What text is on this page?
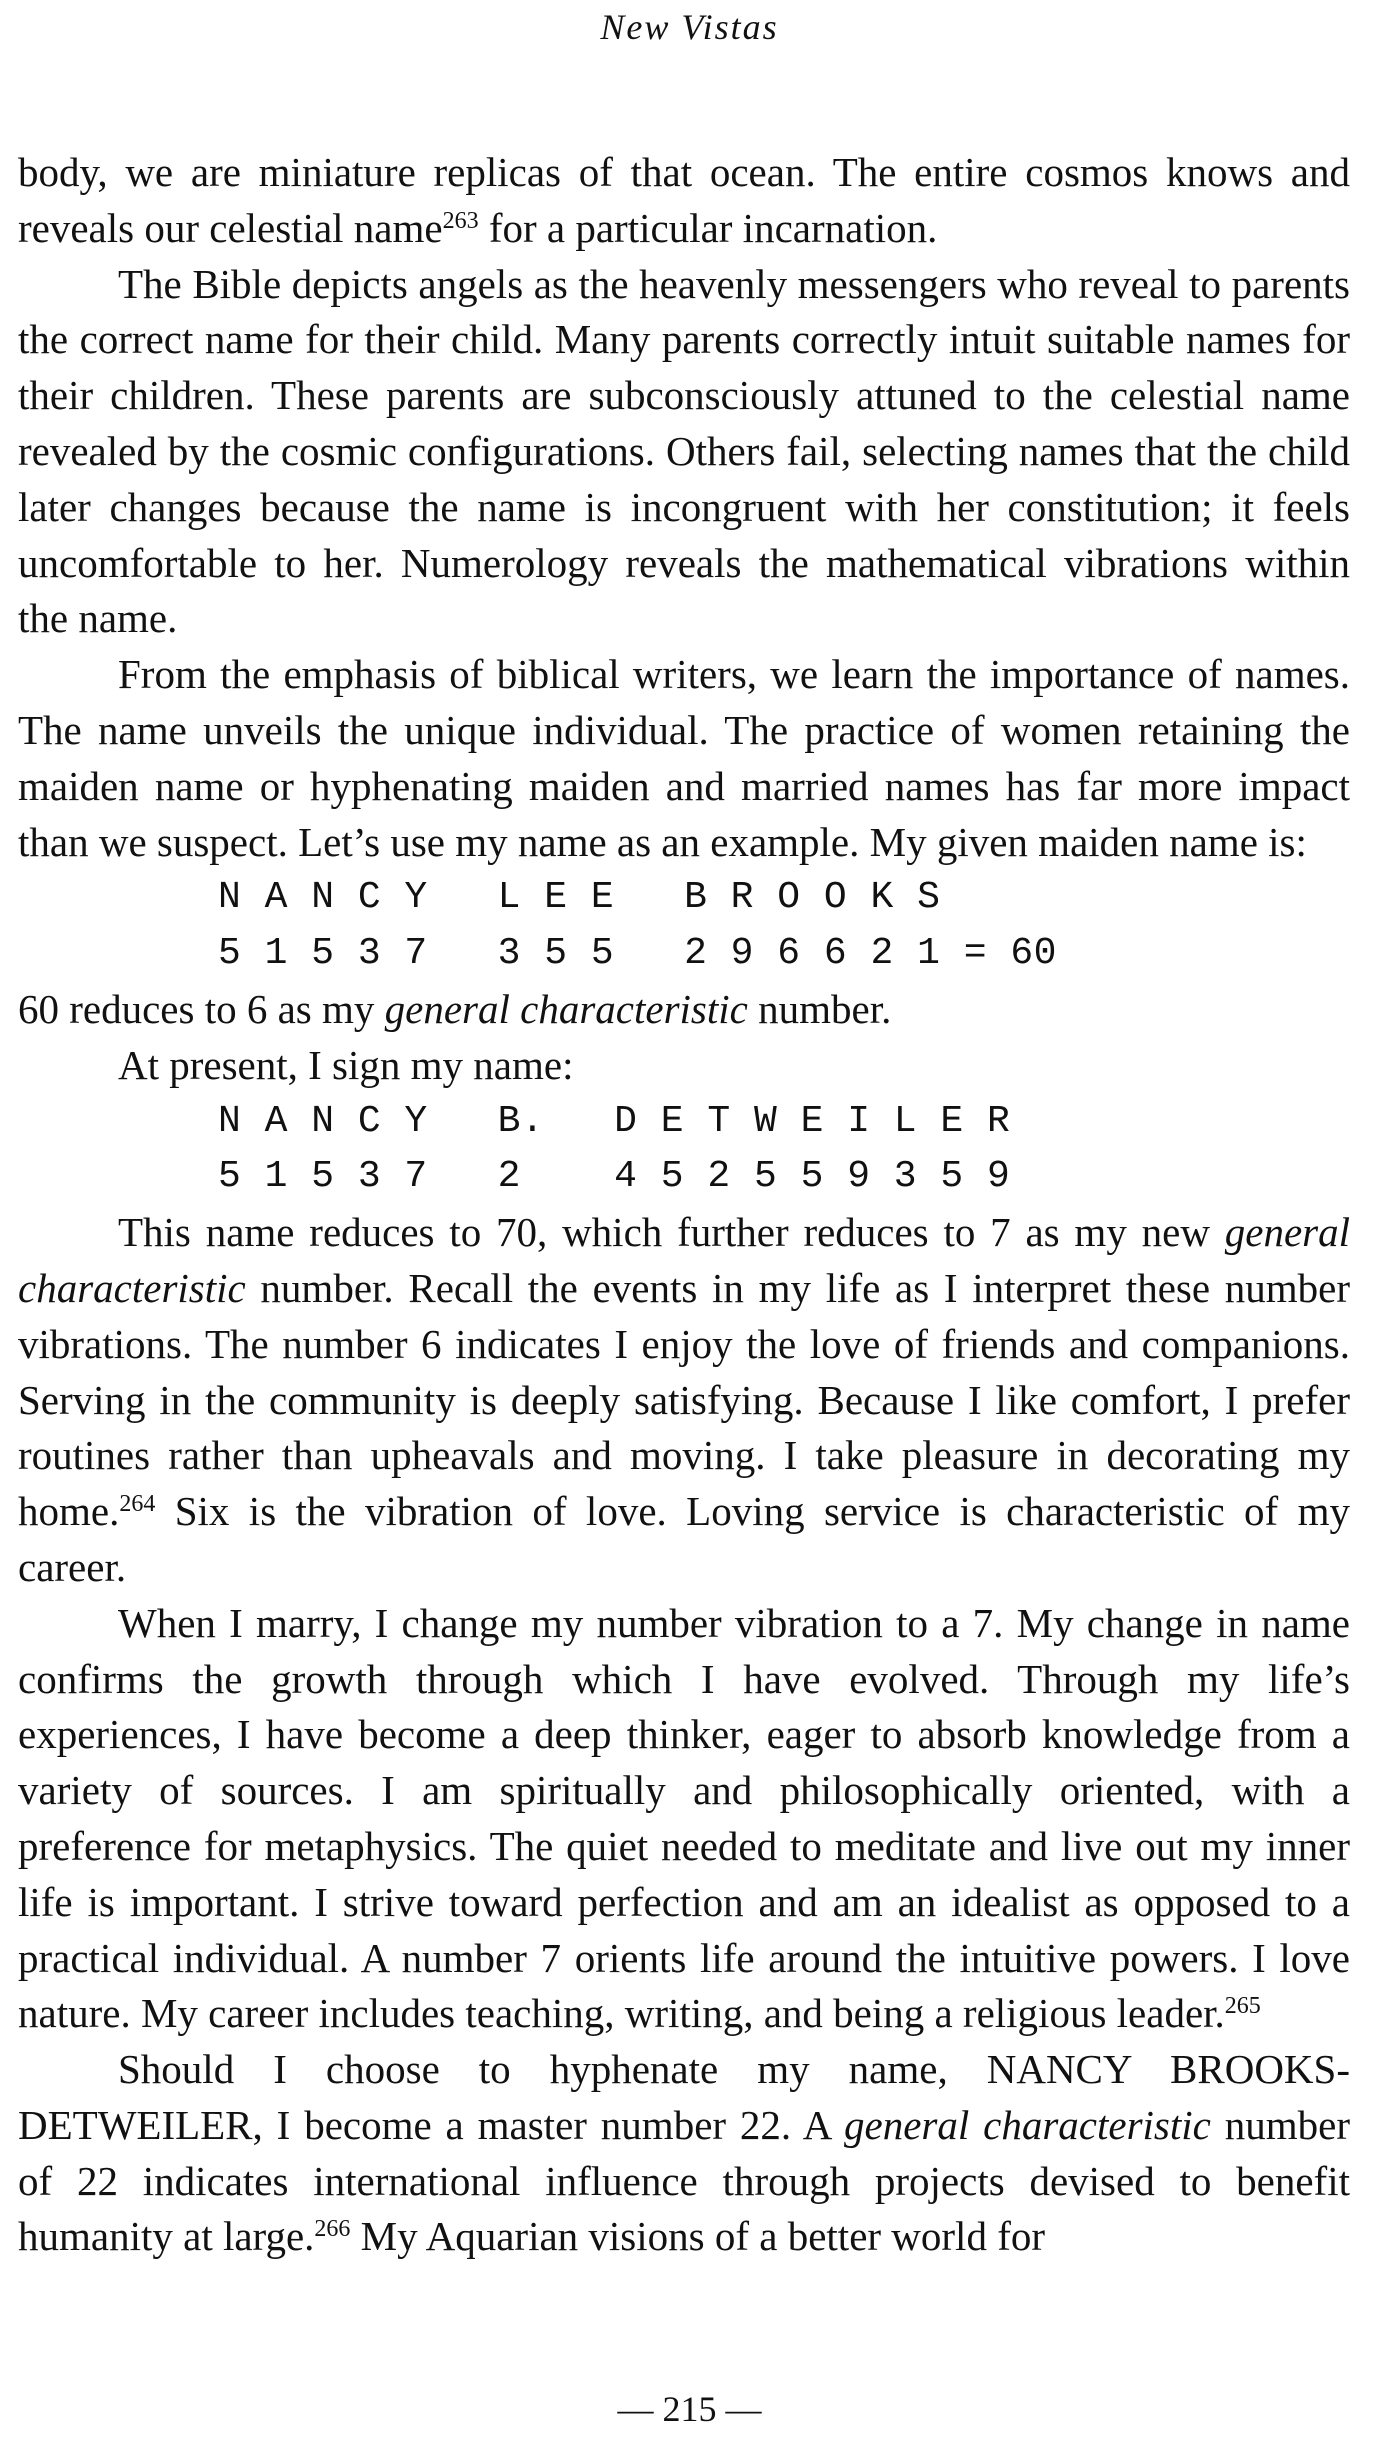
New Vistas

body, we are miniature replicas of that ocean. The entire cosmos knows and reveals our celestial name$^{263}$ for a particular incarnation.

The Bible depicts angels as the heavenly messengers who reveal to parents the correct name for their child. Many parents correctly intuit suitable names for their children. These parents are subconsciously attuned to the celestial name revealed by the cosmic configurations. Others fail, selecting names that the child later changes because the name is incongruent with her constitution; it feels uncomfortable to her. Numerology reveals the mathematical vibrations within the name.

From the emphasis of biblical writers, we learn the importance of names. The name unveils the unique individual. The practice of women retaining the maiden name or hyphenating maiden and married names has far more impact than we suspect. Let’s use my name as an example. My given maiden name is:

N A N C Y   L E E   B R O O K S
5 1 5 3 7   3 5 5   2 9 6 6 2 1 = 60

60 reduces to 6 as my general characteristic number.

At present, I sign my name:

N A N C Y   B.   D E T W E I L E R
5 1 5 3 7   2    4 5 2 5 5 9 3 5 9

This name reduces to 70, which further reduces to 7 as my new general characteristic number. Recall the events in my life as I interpret these number vibrations. The number 6 indicates I enjoy the love of friends and companions. Serving in the community is deeply satisfying. Because I like comfort, I prefer routines rather than upheavals and moving. I take pleasure in decorating my home.$^{264}$ Six is the vibration of love. Loving service is characteristic of my career.

When I marry, I change my number vibration to a 7. My change in name confirms the growth through which I have evolved. Through my life’s experiences, I have become a deep thinker, eager to absorb knowledge from a variety of sources. I am spiritually and philosophically oriented, with a preference for metaphysics. The quiet needed to meditate and live out my inner life is important. I strive toward perfection and am an idealist as opposed to a practical individual. A number 7 orients life around the intuitive powers. I love nature. My career includes teaching, writing, and being a religious leader.$^{265}$

Should I choose to hyphenate my name, NANCY BROOKS-DETWEILER, I become a master number 22. A general characteristic number of 22 indicates international influence through projects devised to benefit humanity at large.$^{266}$ My Aquarian visions of a better world for

— 215 —
